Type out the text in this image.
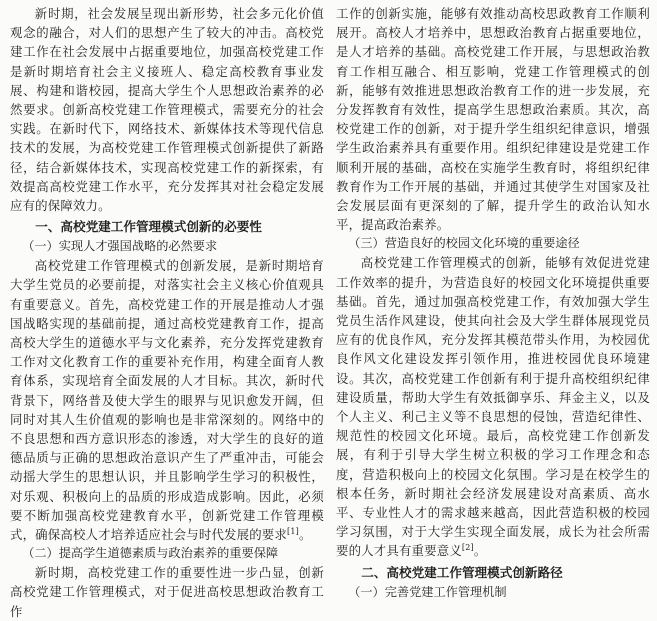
新时期，社会发展呈现出新形势，社会多元化价值观念的融合，对人们的思想产生了较大的冲击。高校党建工作在社会发展中占据重要地位，加强高校党建工作是新时期培育社会主义接班人、稳定高校教育事业发展、构建和谐校园，提高大学生个人思想政治素养的必然要求。创新高校党建工作管理模式，需要充分的社会实践。在新时代下，网络技术、新媒体技术等现代信息技术的发展，为高校党建工作管理模式创新提供了新路径，结合新媒体技术，实现高校党建工作的新探索，有效提高高校党建工作水平，充分发挥其对社会稳定发展应有的保障效力。

一、高校党建工作管理模式创新的必要性
（一）实现人才强国战略的必然要求

高校党建工作管理模式的创新发展，是新时期培育大学生党员的必要前提，对落实社会主义核心价值观具有重要意义。首先，高校党建工作的开展是推动人才强国战略实现的基础前提，通过高校党建教育工作，提高高校大学生的道德水平与文化素养，充分发挥党建教育工作对文化教育工作的重要补充作用，构建全面育人教育体系，实现培育全面发展的人才目标。其次，新时代背景下，网络普及使大学生的眼界与见识愈发开阔，但同时对其人生价值观的影响也是非常深刻的。网络中的不良思想和西方意识形态的渗透，对大学生的良好的道德品质与正确的思想政治意识产生了严重冲击，可能会动摇大学生的思想认识，并且影响学生学习的积极性，对乐观、积极向上的品质的形成造成影响。因此，必须要不断加强高校党建教育水平，创新党建工作管理模式，确保高校人才培养适应社会与时代发展的要求[1]。

（二）提高学生道德素质与政治素养的重要保障

新时期，高校党建工作的重要性进一步凸显，创新高校党建工作管理模式，对于促进高校思想政治教育工作

工作的创新实施，能够有效推动高校思政教育工作顺利展开。高校人才培养中，思想政治教育占据重要地位，是人才培养的基础。高校党建工作开展，与思想政治教育工作相互融合、相互影响，党建工作管理模式的创新，能够有效推进思想政治教育工作的进一步发展，充分发挥教育有效性，提高学生思想政治素质。其次，高校党建工作的创新，对于提升学生组织纪律意识，增强学生政治素养具有重要作用。组织纪律建设是党建工作顺利开展的基础，高校在实施学生教育时，将组织纪律教育作为工作开展的基础，并通过其使学生对国家及社会发展层面有更深刻的了解，提升学生的政治认知水平，提高政治素养。

（三）营造良好的校园文化环境的重要途径

高校党建工作管理模式的创新，能够有效促进党建工作效率的提升，为营造良好的校园文化环境提供重要基础。首先，通过加强高校党建工作，有效加强大学生党员生活作风建设，使其向社会及大学生群体展现党员应有的优良作风，充分发挥其模范带头作用，为校园优良作风文化建设发挥引领作用，推进校园优良环境建设。其次，高校党建工作创新有利于提升高校组织纪律建设质量，帮助大学生有效抵御享乐、拜金主义，以及个人主义、利己主义等不良思想的侵蚀，营造纪律性、规范性的校园文化环境。最后，高校党建工作创新发展，有利于引导大学生树立积极的学习工作理念和态度，营造积极向上的校园文化氛围。学习是在校学生的根本任务，新时期社会经济发展建设对高素质、高水平、专业性人才的需求越来越高，因此营造积极的校园学习氛围，对于大学生实现全面发展，成长为社会所需要的人才具有重要意义[2]。

二、高校党建工作管理模式创新路径
（一）完善党建工作管理机制
